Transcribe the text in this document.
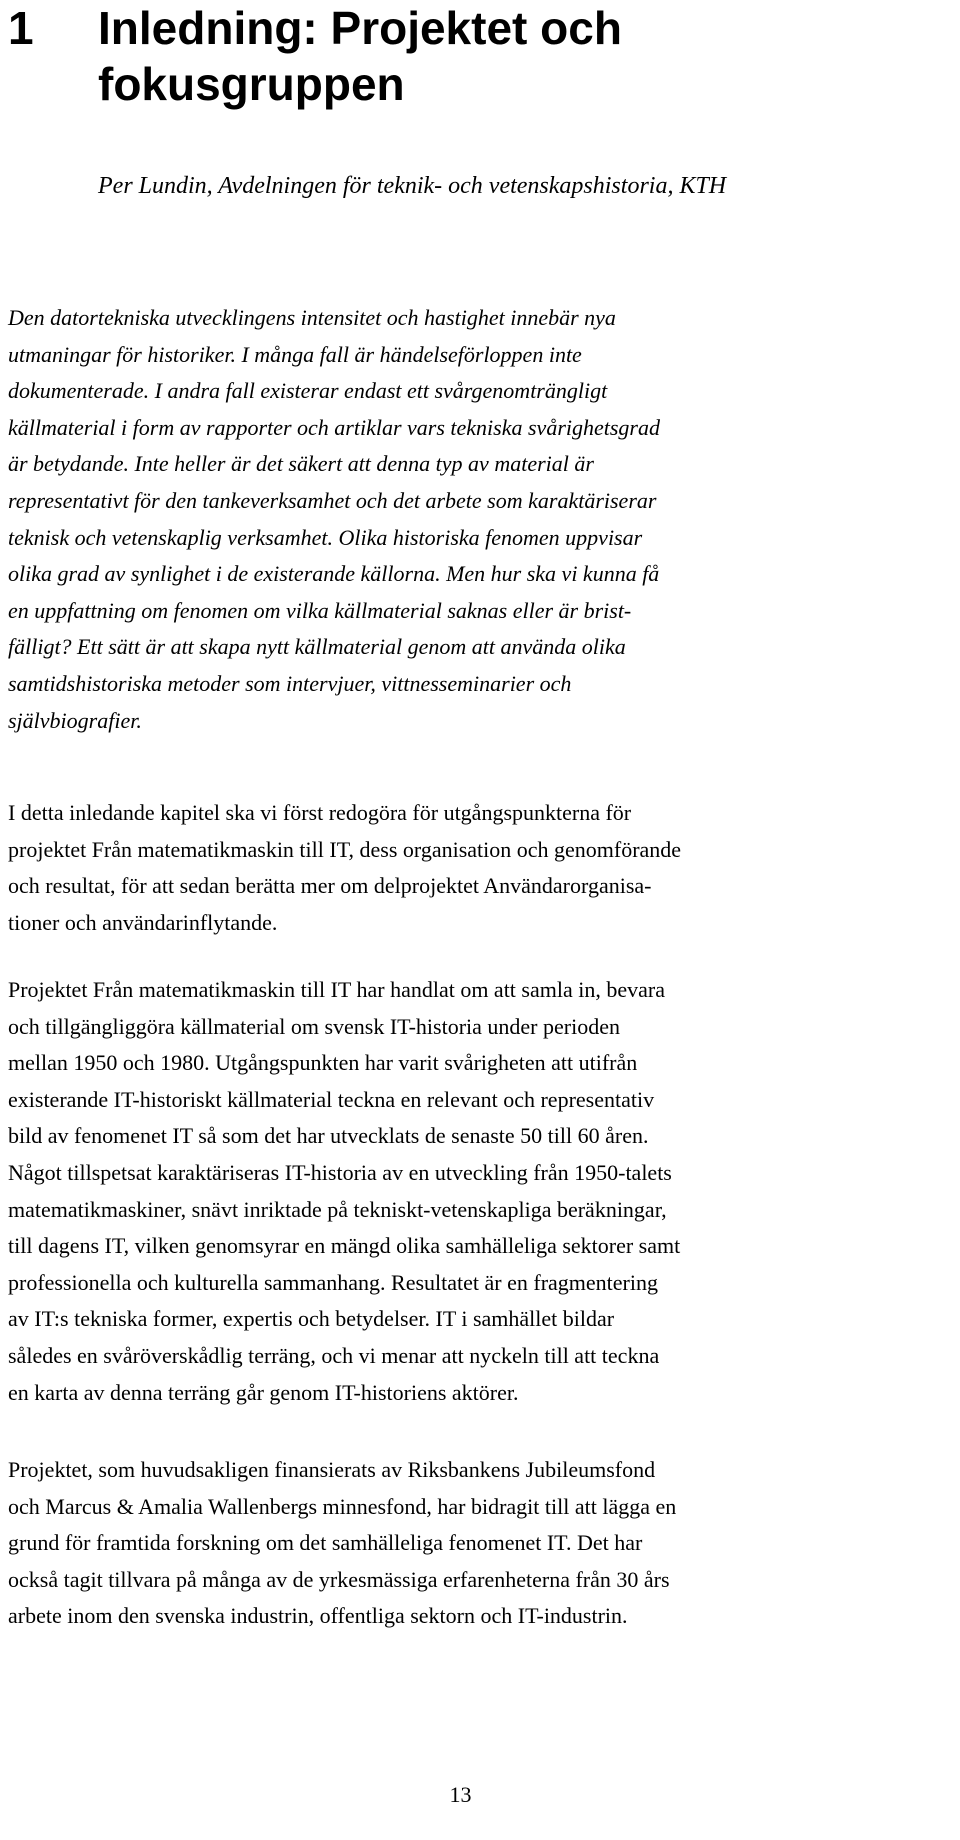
1 Inledning: Projektet och
fokusgruppen
Per Lundin, Avdelningen för teknik- och vetenskapshistoria, KTH

Den datortekniska utvecklingens intensitet och hastighet innebär nya
utmaningar för historiker. I många fall är händelseförloppen inte
dokumenterade. I andra fall existerar endast ett svårgenomträngligt
källmaterial i form av rapporter och artiklar vars tekniska svårighetsgrad
är betydande. Inte heller är det säkert att denna typ av material är
representativt för den tankeverksamhet och det arbete som karaktäriserar
teknisk och vetenskaplig verksamhet. Olika historiska fenomen uppvisar
olika grad av synlighet i de existerande källorna. Men hur ska vi kunna få
en uppfattning om fenomen om vilka källmaterial saknas eller är brist-
fälligt? Ett sätt är att skapa nytt källmaterial genom att använda olika
samtidshistoriska metoder som intervjuer, vittnesseminarier och
självbiografier.

I detta inledande kapitel ska vi först redogöra för utgångspunkterna för
projektet Från matematikmaskin till IT, dess organisation och genomförande
och resultat, för att sedan berätta mer om delprojektet Användarorganisa-
tioner och användarinflytande.

Projektet Från matematikmaskin till IT har handlat om att samla in, bevara
och tillgängliggöra källmaterial om svensk IT-historia under perioden
mellan 1950 och 1980. Utgångspunkten har varit svårigheten att utifrån
existerande IT-historiskt källmaterial teckna en relevant och representativ
bild av fenomenet IT så som det har utvecklats de senaste 50 till 60 åren.
Något tillspetsat karaktäriseras IT-historia av en utveckling från 1950-talets
matematikmaskiner, snävt inriktade på tekniskt-vetenskapliga beräkningar,
till dagens IT, vilken genomsyrar en mängd olika samhälleliga sektorer samt
professionella och kulturella sammanhang. Resultatet är en fragmentering
av IT:s tekniska former, expertis och betydelser. IT i samhället bildar
således en svåröverskådlig terräng, och vi menar att nyckeln till att teckna
en karta av denna terräng går genom IT-historiens aktörer.

Projektet, som huvudsakligen finansierats av Riksbankens Jubileumsfond
och Marcus & Amalia Wallenbergs minnesfond, har bidragit till att lägga en
grund för framtida forskning om det samhälleliga fenomenet IT. Det har
också tagit tillvara på många av de yrkesmässiga erfarenheterna från 30 års
arbete inom den svenska industrin, offentliga sektorn och IT-industrin.

13
